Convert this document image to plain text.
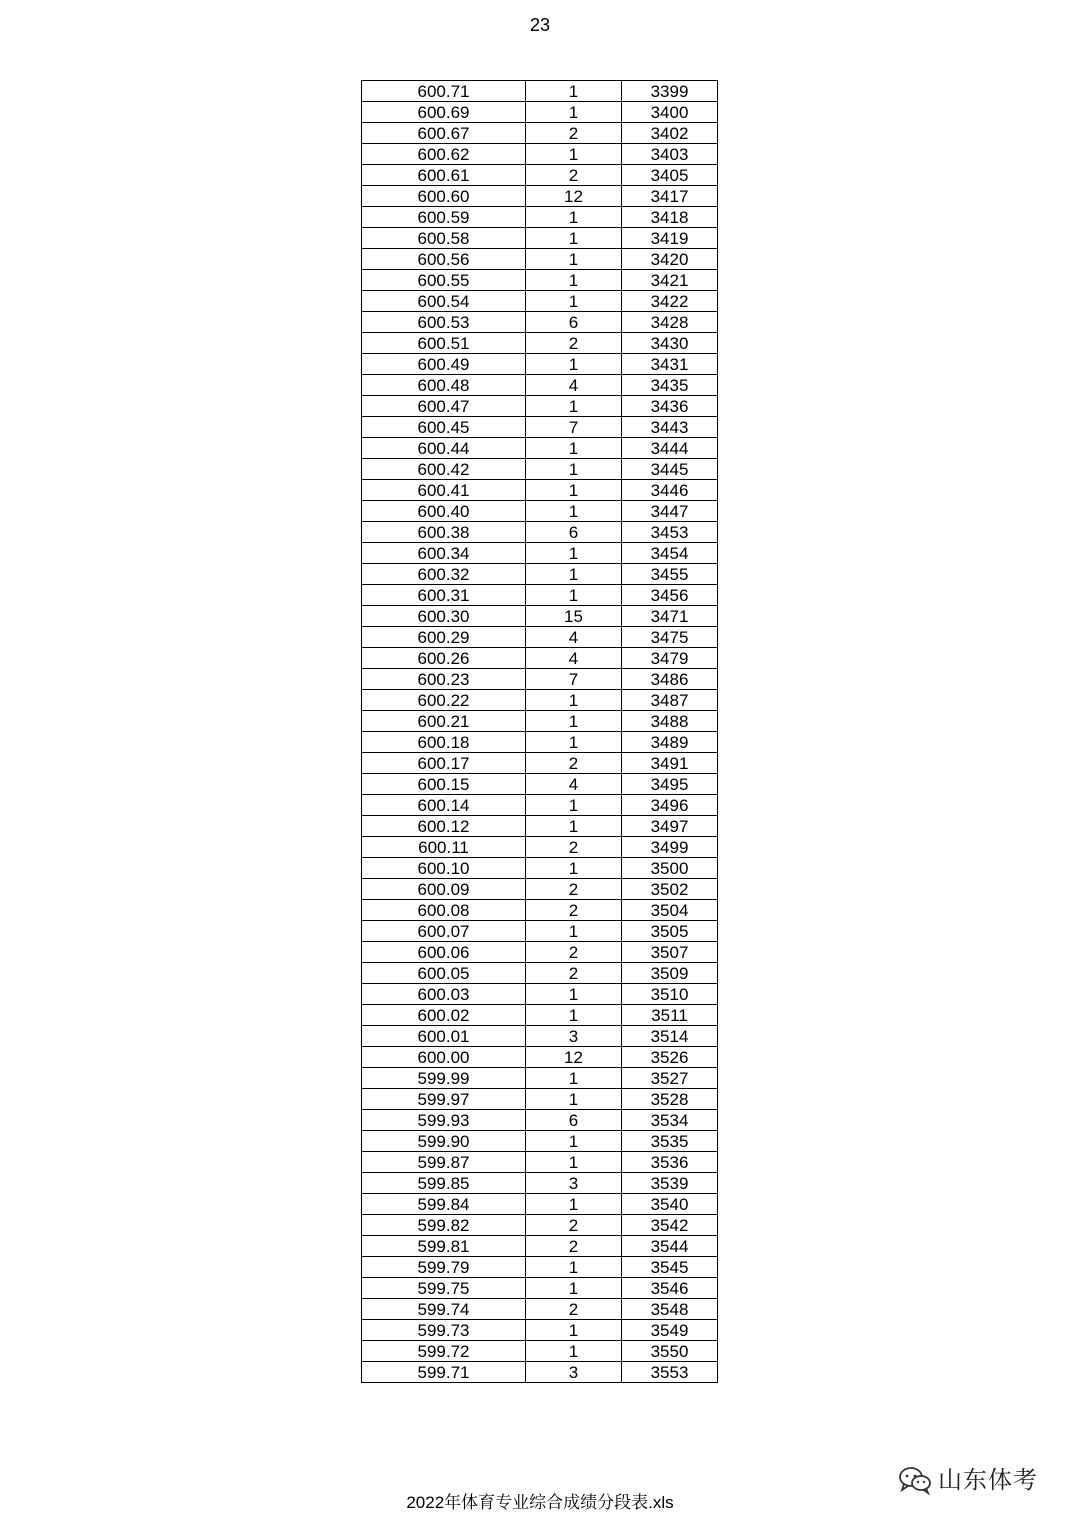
23
600.71	1	3399
600.69	1	3400
600.67	2	3402
600.62	1	3403
600.61	2	3405
600.60	12	3417
600.59	1	3418
600.58	1	3419
600.56	1	3420
600.55	1	3421
600.54	1	3422
600.53	6	3428
600.51	2	3430
600.49	1	3431
600.48	4	3435
600.47	1	3436
600.45	7	3443
600.44	1	3444
600.42	1	3445
600.41	1	3446
600.40	1	3447
600.38	6	3453
600.34	1	3454
600.32	1	3455
600.31	1	3456
600.30	15	3471
600.29	4	3475
600.26	4	3479
600.23	7	3486
600.22	1	3487
600.21	1	3488
600.18	1	3489
600.17	2	3491
600.15	4	3495
600.14	1	3496
600.12	1	3497
600.11	2	3499
600.10	1	3500
600.09	2	3502
600.08	2	3504
600.07	1	3505
600.06	2	3507
600.05	2	3509
600.03	1	3510
600.02	1	3511
600.01	3	3514
600.00	12	3526
599.99	1	3527
599.97	1	3528
599.93	6	3534
599.90	1	3535
599.87	1	3536
599.85	3	3539
599.84	1	3540
599.82	2	3542
599.81	2	3544
599.79	1	3545
599.75	1	3546
599.74	2	3548
599.73	1	3549
599.72	1	3550
599.71	3	3553
山东体考
2022年体育专业综合成绩分段表.xls
